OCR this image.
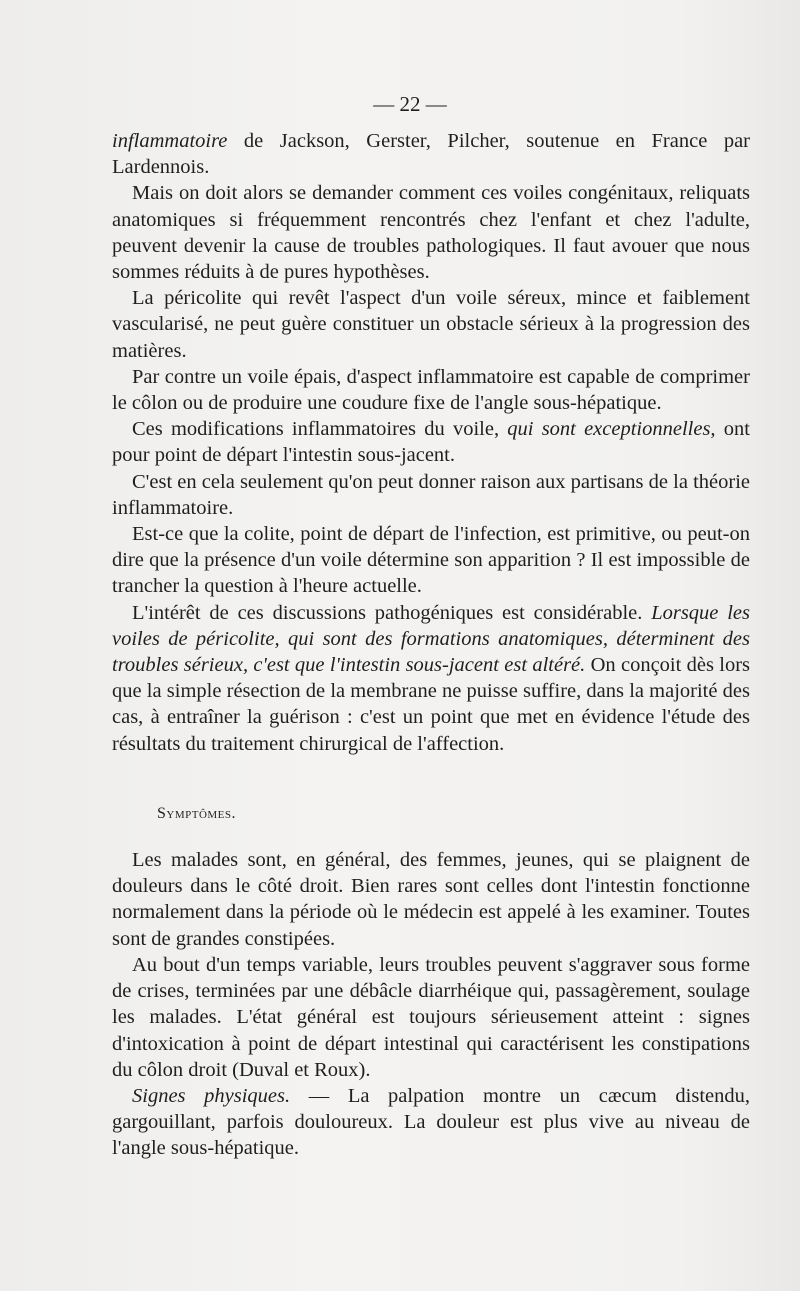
— 22 —

inflammatoire de Jackson, Gerster, Pilcher, soutenue en France par Lardennois.

Mais on doit alors se demander comment ces voiles congénitaux, reliquats anatomiques si fréquemment rencontrés chez l'enfant et chez l'adulte, peuvent devenir la cause de troubles pathologiques. Il faut avouer que nous sommes réduits à de pures hypothèses.

La péricolite qui revêt l'aspect d'un voile séreux, mince et faiblement vascularisé, ne peut guère constituer un obstacle sérieux à la progression des matières.

Par contre un voile épais, d'aspect inflammatoire est capable de comprimer le côlon ou de produire une coudure fixe de l'angle sous-hépatique.

Ces modifications inflammatoires du voile, qui sont exceptionnelles, ont pour point de départ l'intestin sous-jacent.

C'est en cela seulement qu'on peut donner raison aux partisans de la théorie inflammatoire.

Est-ce que la colite, point de départ de l'infection, est primitive, ou peut-on dire que la présence d'un voile détermine son apparition ? Il est impossible de trancher la question à l'heure actuelle.

L'intérêt de ces discussions pathogéniques est considérable. Lorsque les voiles de péricolite, qui sont des formations anatomiques, déterminent des troubles sérieux, c'est que l'intestin sous-jacent est altéré. On conçoit dès lors que la simple résection de la membrane ne puisse suffire, dans la majorité des cas, à entraîner la guérison : c'est un point que met en évidence l'étude des résultats du traitement chirurgical de l'affection.

Symptômes.

Les malades sont, en général, des femmes, jeunes, qui se plaignent de douleurs dans le côté droit. Bien rares sont celles dont l'intestin fonctionne normalement dans la période où le médecin est appelé à les examiner. Toutes sont de grandes constipées.

Au bout d'un temps variable, leurs troubles peuvent s'aggraver sous forme de crises, terminées par une débâcle diarrhéique qui, passagèrement, soulage les malades. L'état général est toujours sérieusement atteint : signes d'intoxication à point de départ intestinal qui caractérisent les constipations du côlon droit (Duval et Roux).

Signes physiques. — La palpation montre un cæcum distendu, gargouillant, parfois douloureux. La douleur est plus vive au niveau de l'angle sous-hépatique.
